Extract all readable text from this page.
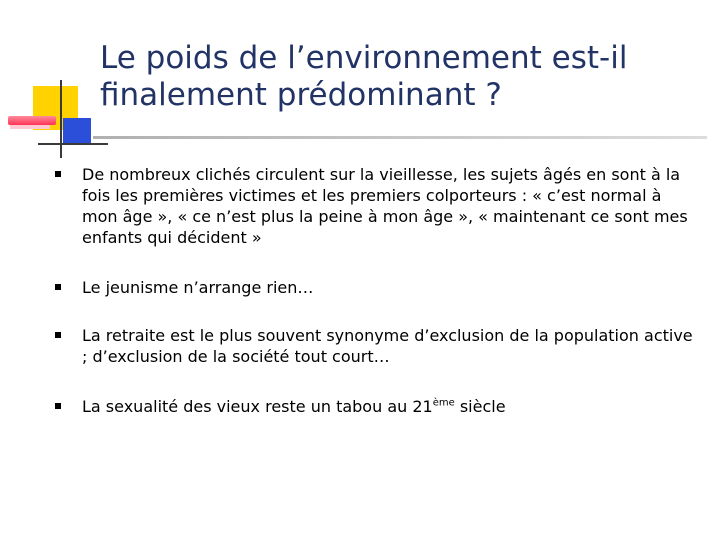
Le poids de l’environnement est-il
finalement prédominant ?
De nombreux clichés circulent sur la vieillesse, les sujets âgés en sont à la fois les premières victimes et les premiers colporteurs : « c’est normal à mon âge », « ce n’est plus la peine à mon âge », « maintenant ce sont mes enfants qui décident »
Le jeunisme n’arrange rien…
La retraite est le plus souvent synonyme d’exclusion de la population active ; d’exclusion de la société tout court…
La sexualité des vieux reste un tabou au 21ème siècle
